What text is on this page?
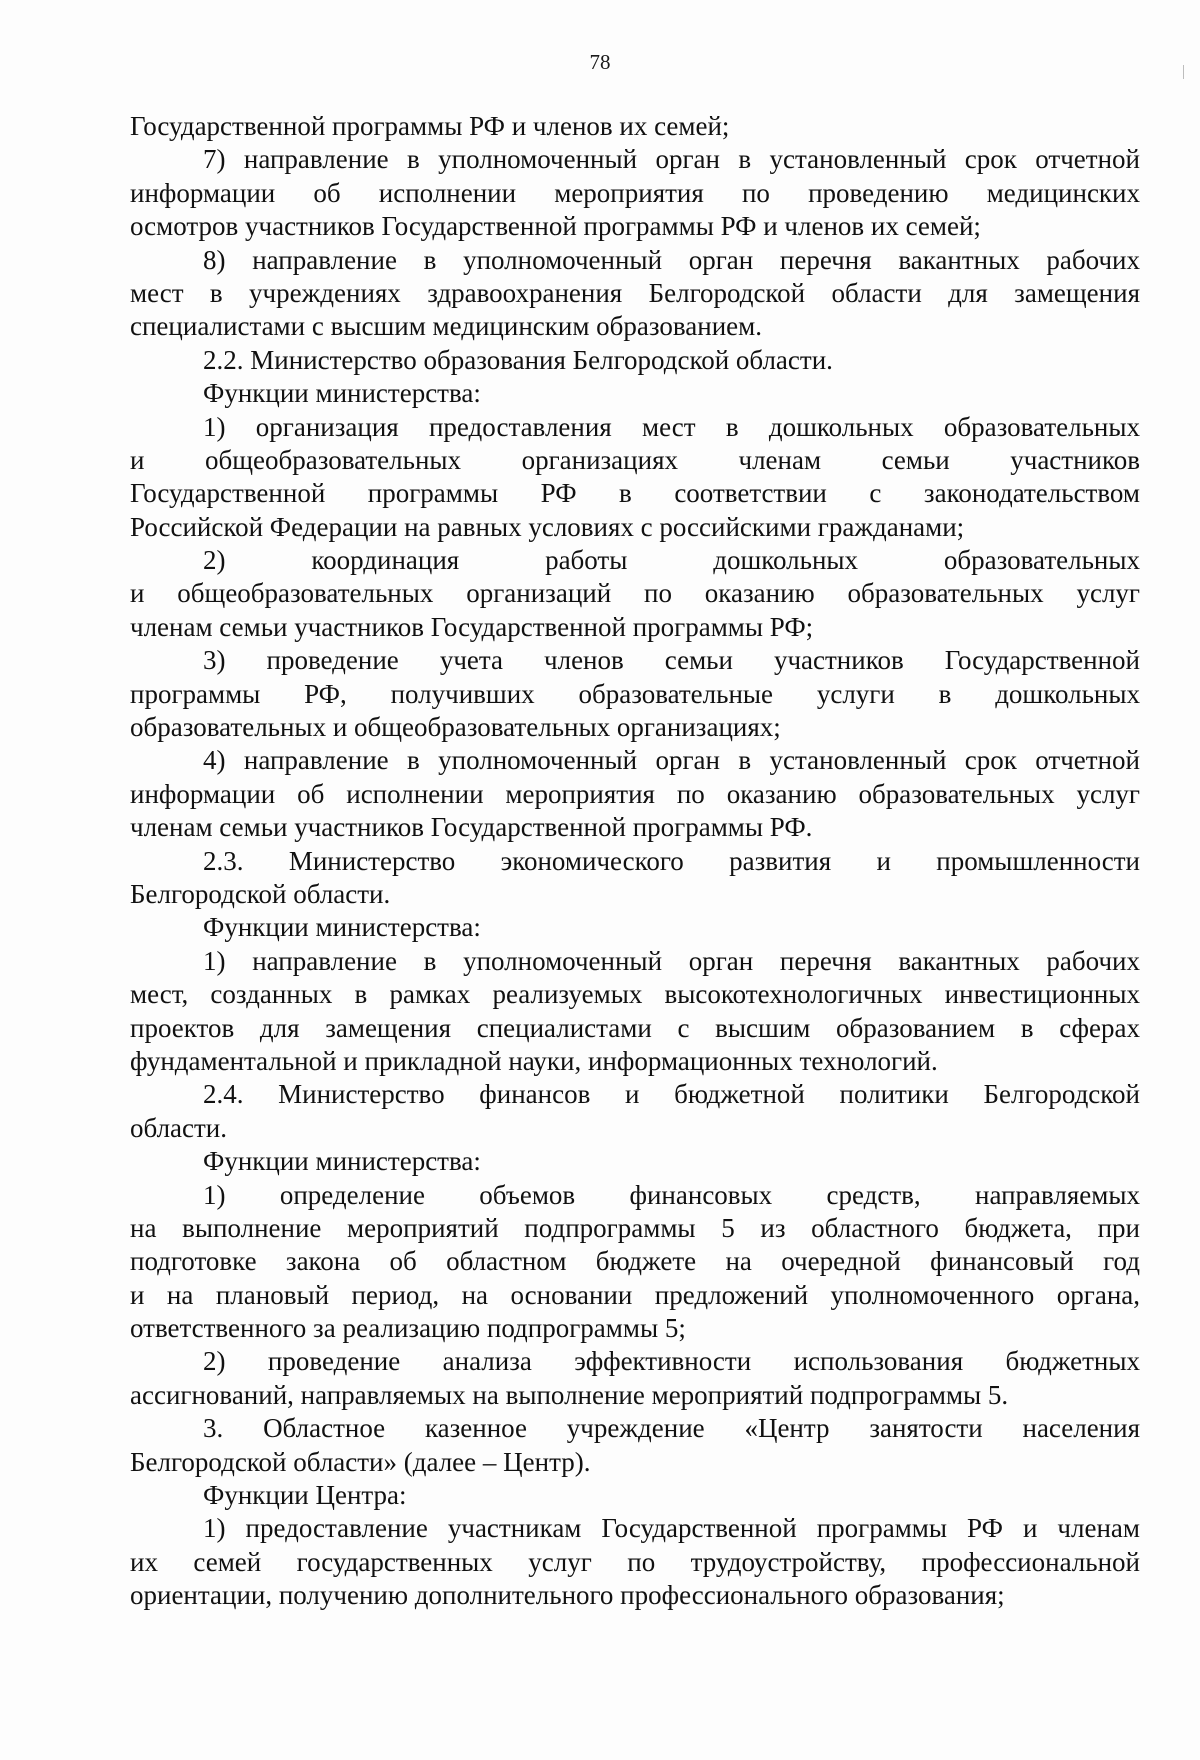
78
Государственной программы РФ и членов их семей;
7) направление в уполномоченный орган в установленный срок отчетной
информации об исполнении мероприятия по проведению медицинских
осмотров участников Государственной программы РФ и членов их семей;
8) направление в уполномоченный орган перечня вакантных рабочих
мест в учреждениях здравоохранения Белгородской области для замещения
специалистами с высшим медицинским образованием.
2.2. Министерство образования Белгородской области.
Функции министерства:
1) организация предоставления мест в дошкольных образовательных
и общеобразовательных организациях членам семьи участников
Государственной программы РФ в соответствии с законодательством
Российской Федерации на равных условиях с российскими гражданами;
2) координация работы дошкольных образовательных
и общеобразовательных организаций по оказанию образовательных услуг
членам семьи участников Государственной программы РФ;
3) проведение учета членов семьи участников Государственной
программы РФ, получивших образовательные услуги в дошкольных
образовательных и общеобразовательных организациях;
4) направление в уполномоченный орган в установленный срок отчетной
информации об исполнении мероприятия по оказанию образовательных услуг
членам семьи участников Государственной программы РФ.
2.3. Министерство экономического развития и промышленности
Белгородской области.
Функции министерства:
1) направление в уполномоченный орган перечня вакантных рабочих
мест, созданных в рамках реализуемых высокотехнологичных инвестиционных
проектов для замещения специалистами с высшим образованием в сферах
фундаментальной и прикладной науки, информационных технологий.
2.4. Министерство финансов и бюджетной политики Белгородской
области.
Функции министерства:
1) определение объемов финансовых средств, направляемых
на выполнение мероприятий подпрограммы 5 из областного бюджета, при
подготовке закона об областном бюджете на очередной финансовый год
и на плановый период, на основании предложений уполномоченного органа,
ответственного за реализацию подпрограммы 5;
2) проведение анализа эффективности использования бюджетных
ассигнований, направляемых на выполнение мероприятий подпрограммы 5.
3. Областное казенное учреждение «Центр занятости населения
Белгородской области» (далее – Центр).
Функции Центра:
1) предоставление участникам Государственной программы РФ и членам
их семей государственных услуг по трудоустройству, профессиональной
ориентации, получению дополнительного профессионального образования;
